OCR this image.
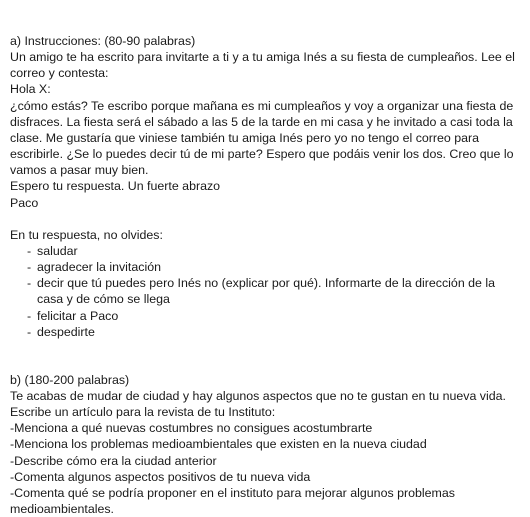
a) Instrucciones: (80-90 palabras)
Un amigo te ha escrito para invitarte a ti y a tu amiga Inés a su fiesta de cumpleaños. Lee el
correo y contesta:
Hola X:
¿cómo estás? Te escribo porque mañana es mi cumpleaños y voy a organizar una fiesta de
disfraces. La fiesta será el sábado a las 5 de la tarde en mi casa y he invitado a casi toda la
clase. Me gustaría que viniese también tu amiga Inés pero yo no tengo el correo para
escribirle. ¿Se lo puedes decir tú de mi parte? Espero que podáis venir los dos. Creo que lo
vamos a pasar muy bien.
Espero tu respuesta. Un fuerte abrazo
Paco
En tu respuesta, no olvides:
- saludar
- agradecer la invitación
- decir que tú puedes pero Inés no (explicar por qué). Informarte de la dirección de la casa y de cómo se llega
- felicitar a Paco
- despedirte
b) (180-200 palabras)
Te acabas de mudar de ciudad y hay algunos aspectos que no te gustan en tu nueva vida.
Escribe un artículo para la revista de tu Instituto:
-Menciona a qué nuevas costumbres no consigues acostumbrarte
-Menciona los problemas medioambientales que existen en la nueva ciudad
-Describe cómo era la ciudad anterior
-Comenta algunos aspectos positivos de tu nueva vida
-Comenta qué se podría proponer en el instituto para mejorar algunos problemas
medioambientales.
